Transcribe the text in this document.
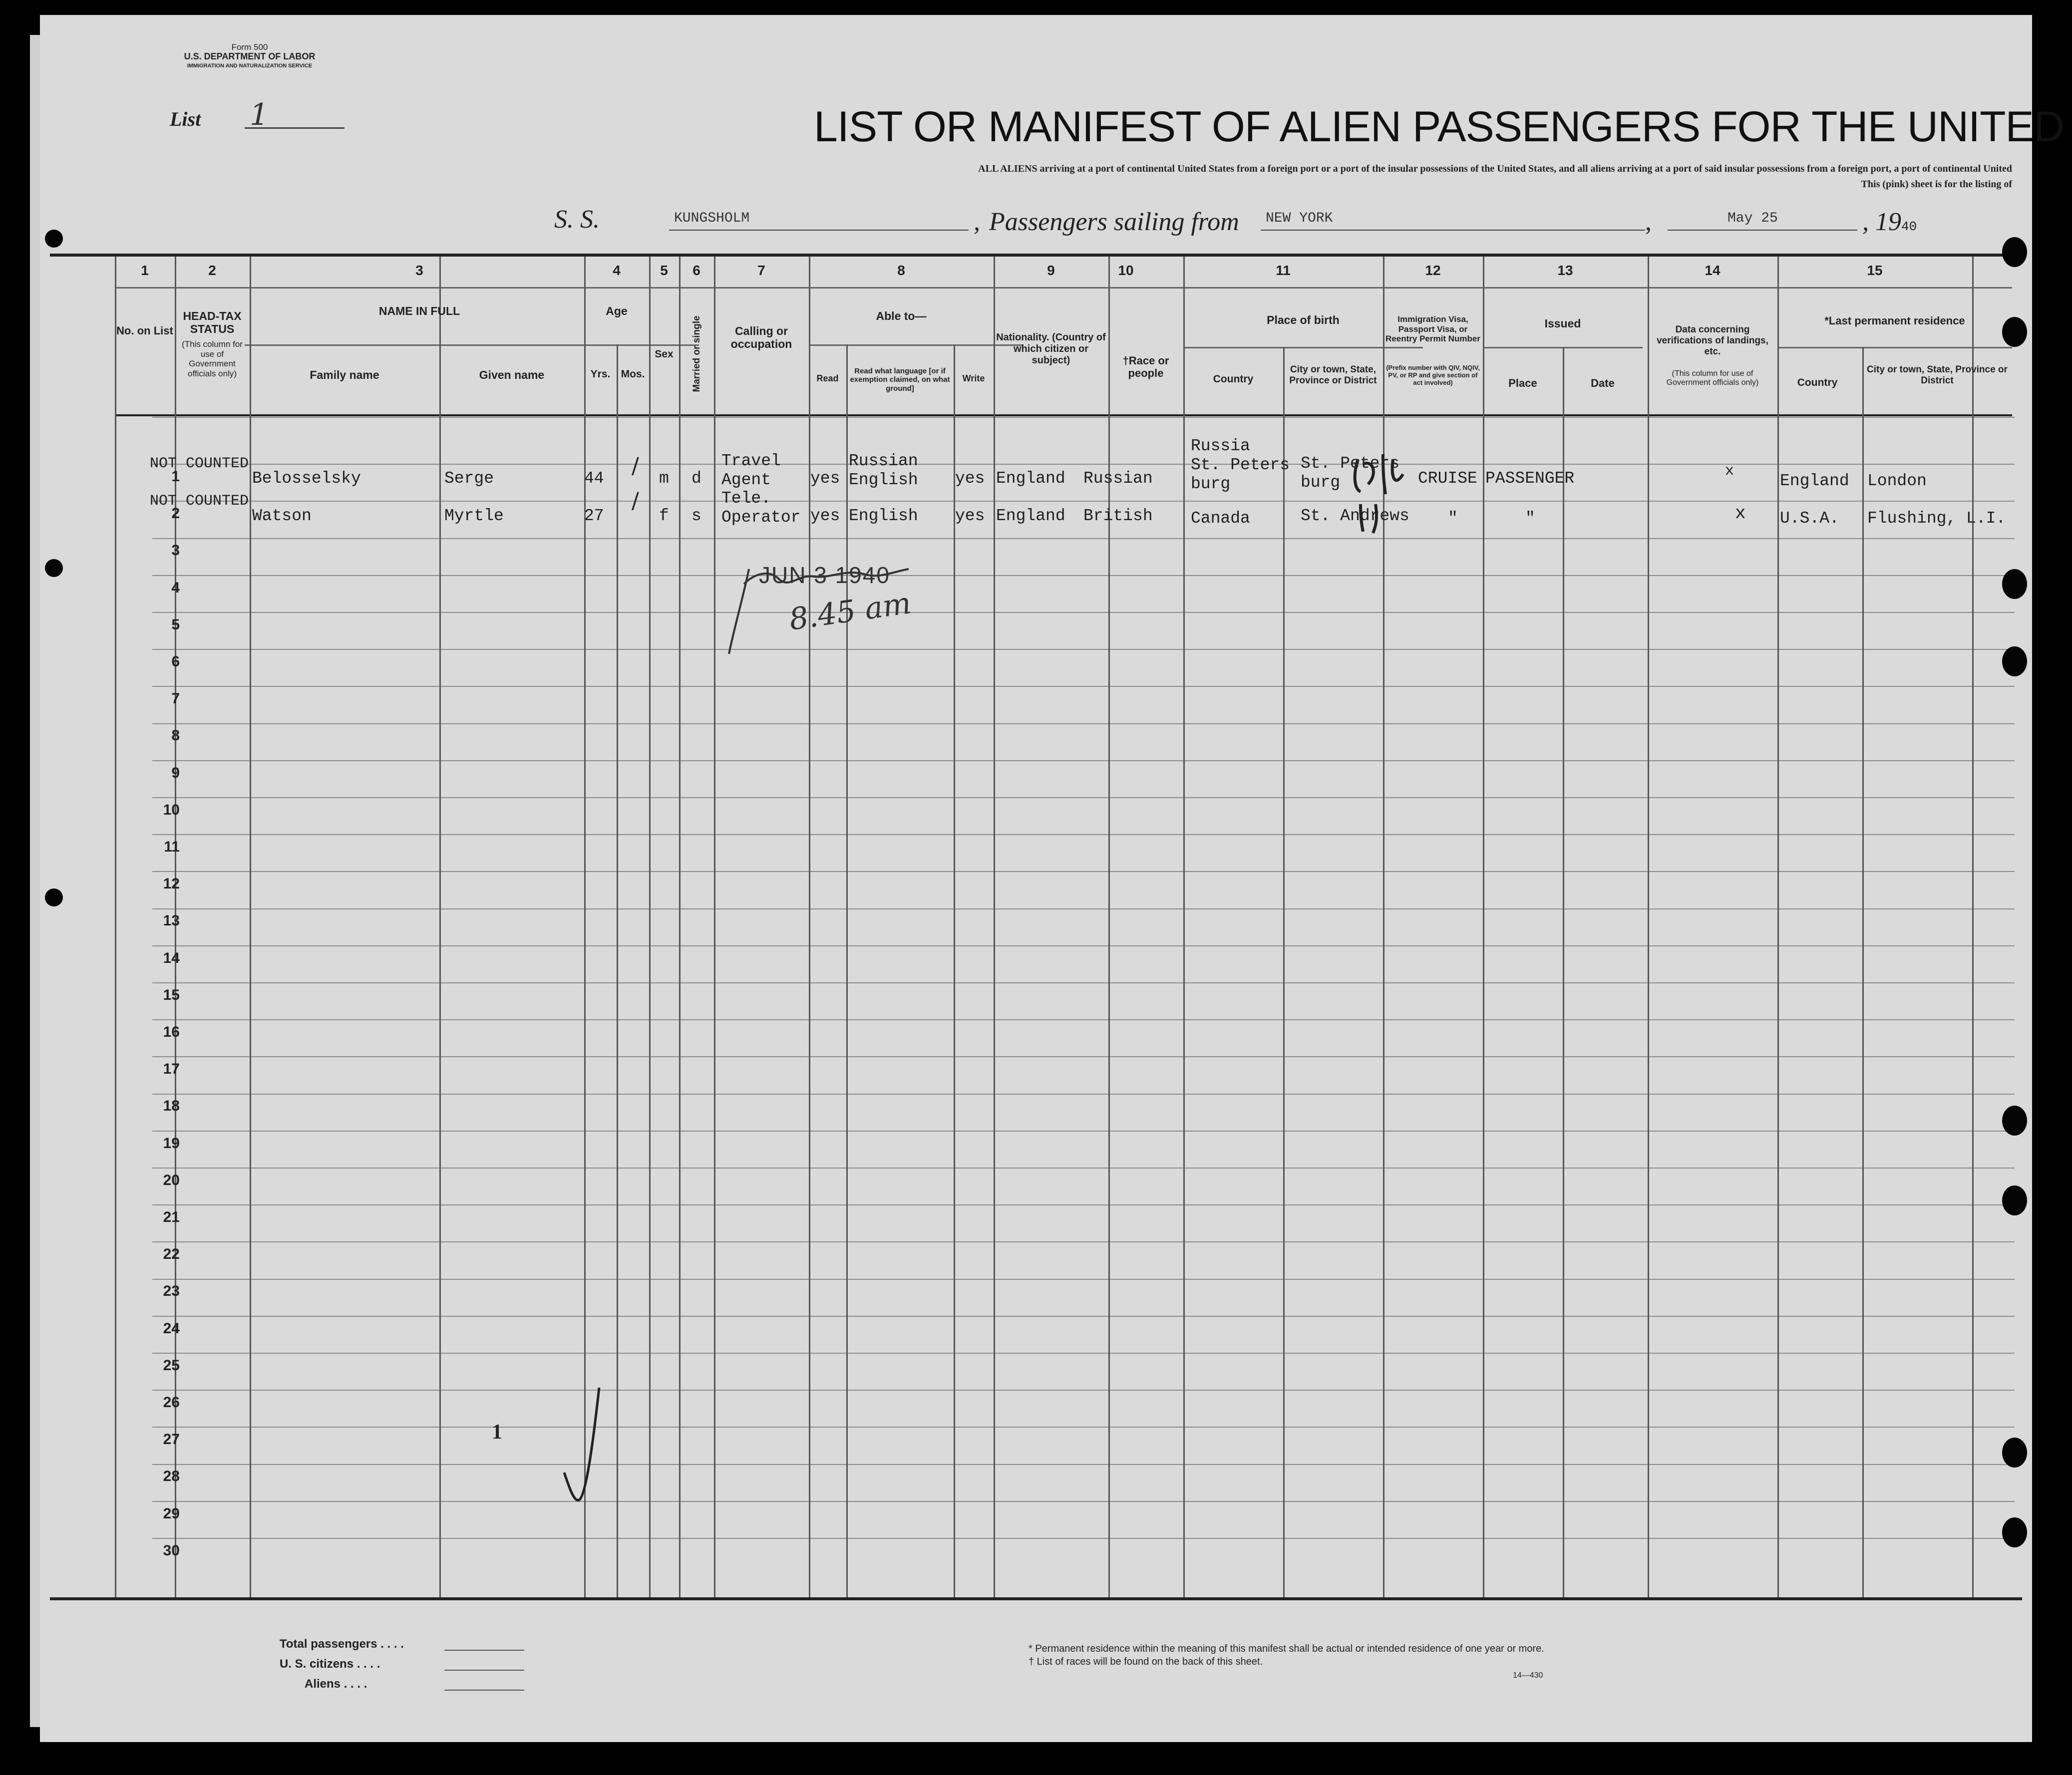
Form 500
U.S. DEPARTMENT OF LABOR
IMMIGRATION AND NATURALIZATION SERVICE
List 1	LIST OR MANIFEST OF ALIEN PASSENGERS FOR THE UNITED
ALL ALIENS arriving at a port of continental United States from a foreign port or a port of the insular possessions of the United States, and all aliens arriving at a port of said insular possessions from a foreign port, a port of continental United
This (pink) sheet is for the listing of
S. S.	KUNGSHOLM	, Passengers sailing from NEW YORK	,	May 25	, 1940
1	2	3	4	5	6	7	8	9	10	11	12	13	14	15
No. on List
HEAD-TAX STATUS
(This column for use of Government officials only)
NAME IN FULL
Family name	Given name
Age
Yrs.	Mos.
Sex	Married or single	Calling or occupation
Able to—
Read
Read what language [or if exemption claimed, on what ground]
Write
Nationality. (Country of which citizen or subject)	†Race or people
Place of birth
Country
City or town, State, Province or District
Immigration Visa, Passport Visa, or Reentry Permit Number
(Prefix number with QIV, NQIV, PV, or RP and give section of act involved)
Issued
Place	Date
Data concerning verifications of landings, etc.
(This column for use of Government officials only)
*Last permanent residence
Country
City or town, State, Province or District
1
2
3
4
5
6
7
8
9
10
11
12
13
14
15
16
17
18
19
20
21
22
23
24
25
26
27
28
29
30
NOT COUNTED
Belosselsky	Serge	44 / m d
Travel
Agent	yes
Russian
English yes England Russian
Russia
St. Peters
burg
St. Peters
burg	CRUISE PASSENGER	x
England London
NOT COUNTED
Watson	Myrtle	27
/
f s
Tele.
Operator yes English yes England British Canada	St. Andrews "	"	x U.S.A. Flushing, L.I.
JUN 3 1940
8.45 am
1
Total passengers . . . .
U. S. citizens . . . .
Aliens . . . .
* Permanent residence within the meaning of this manifest shall be actual or intended residence of one year or more.
† List of races will be found on the back of this sheet.
14—430
